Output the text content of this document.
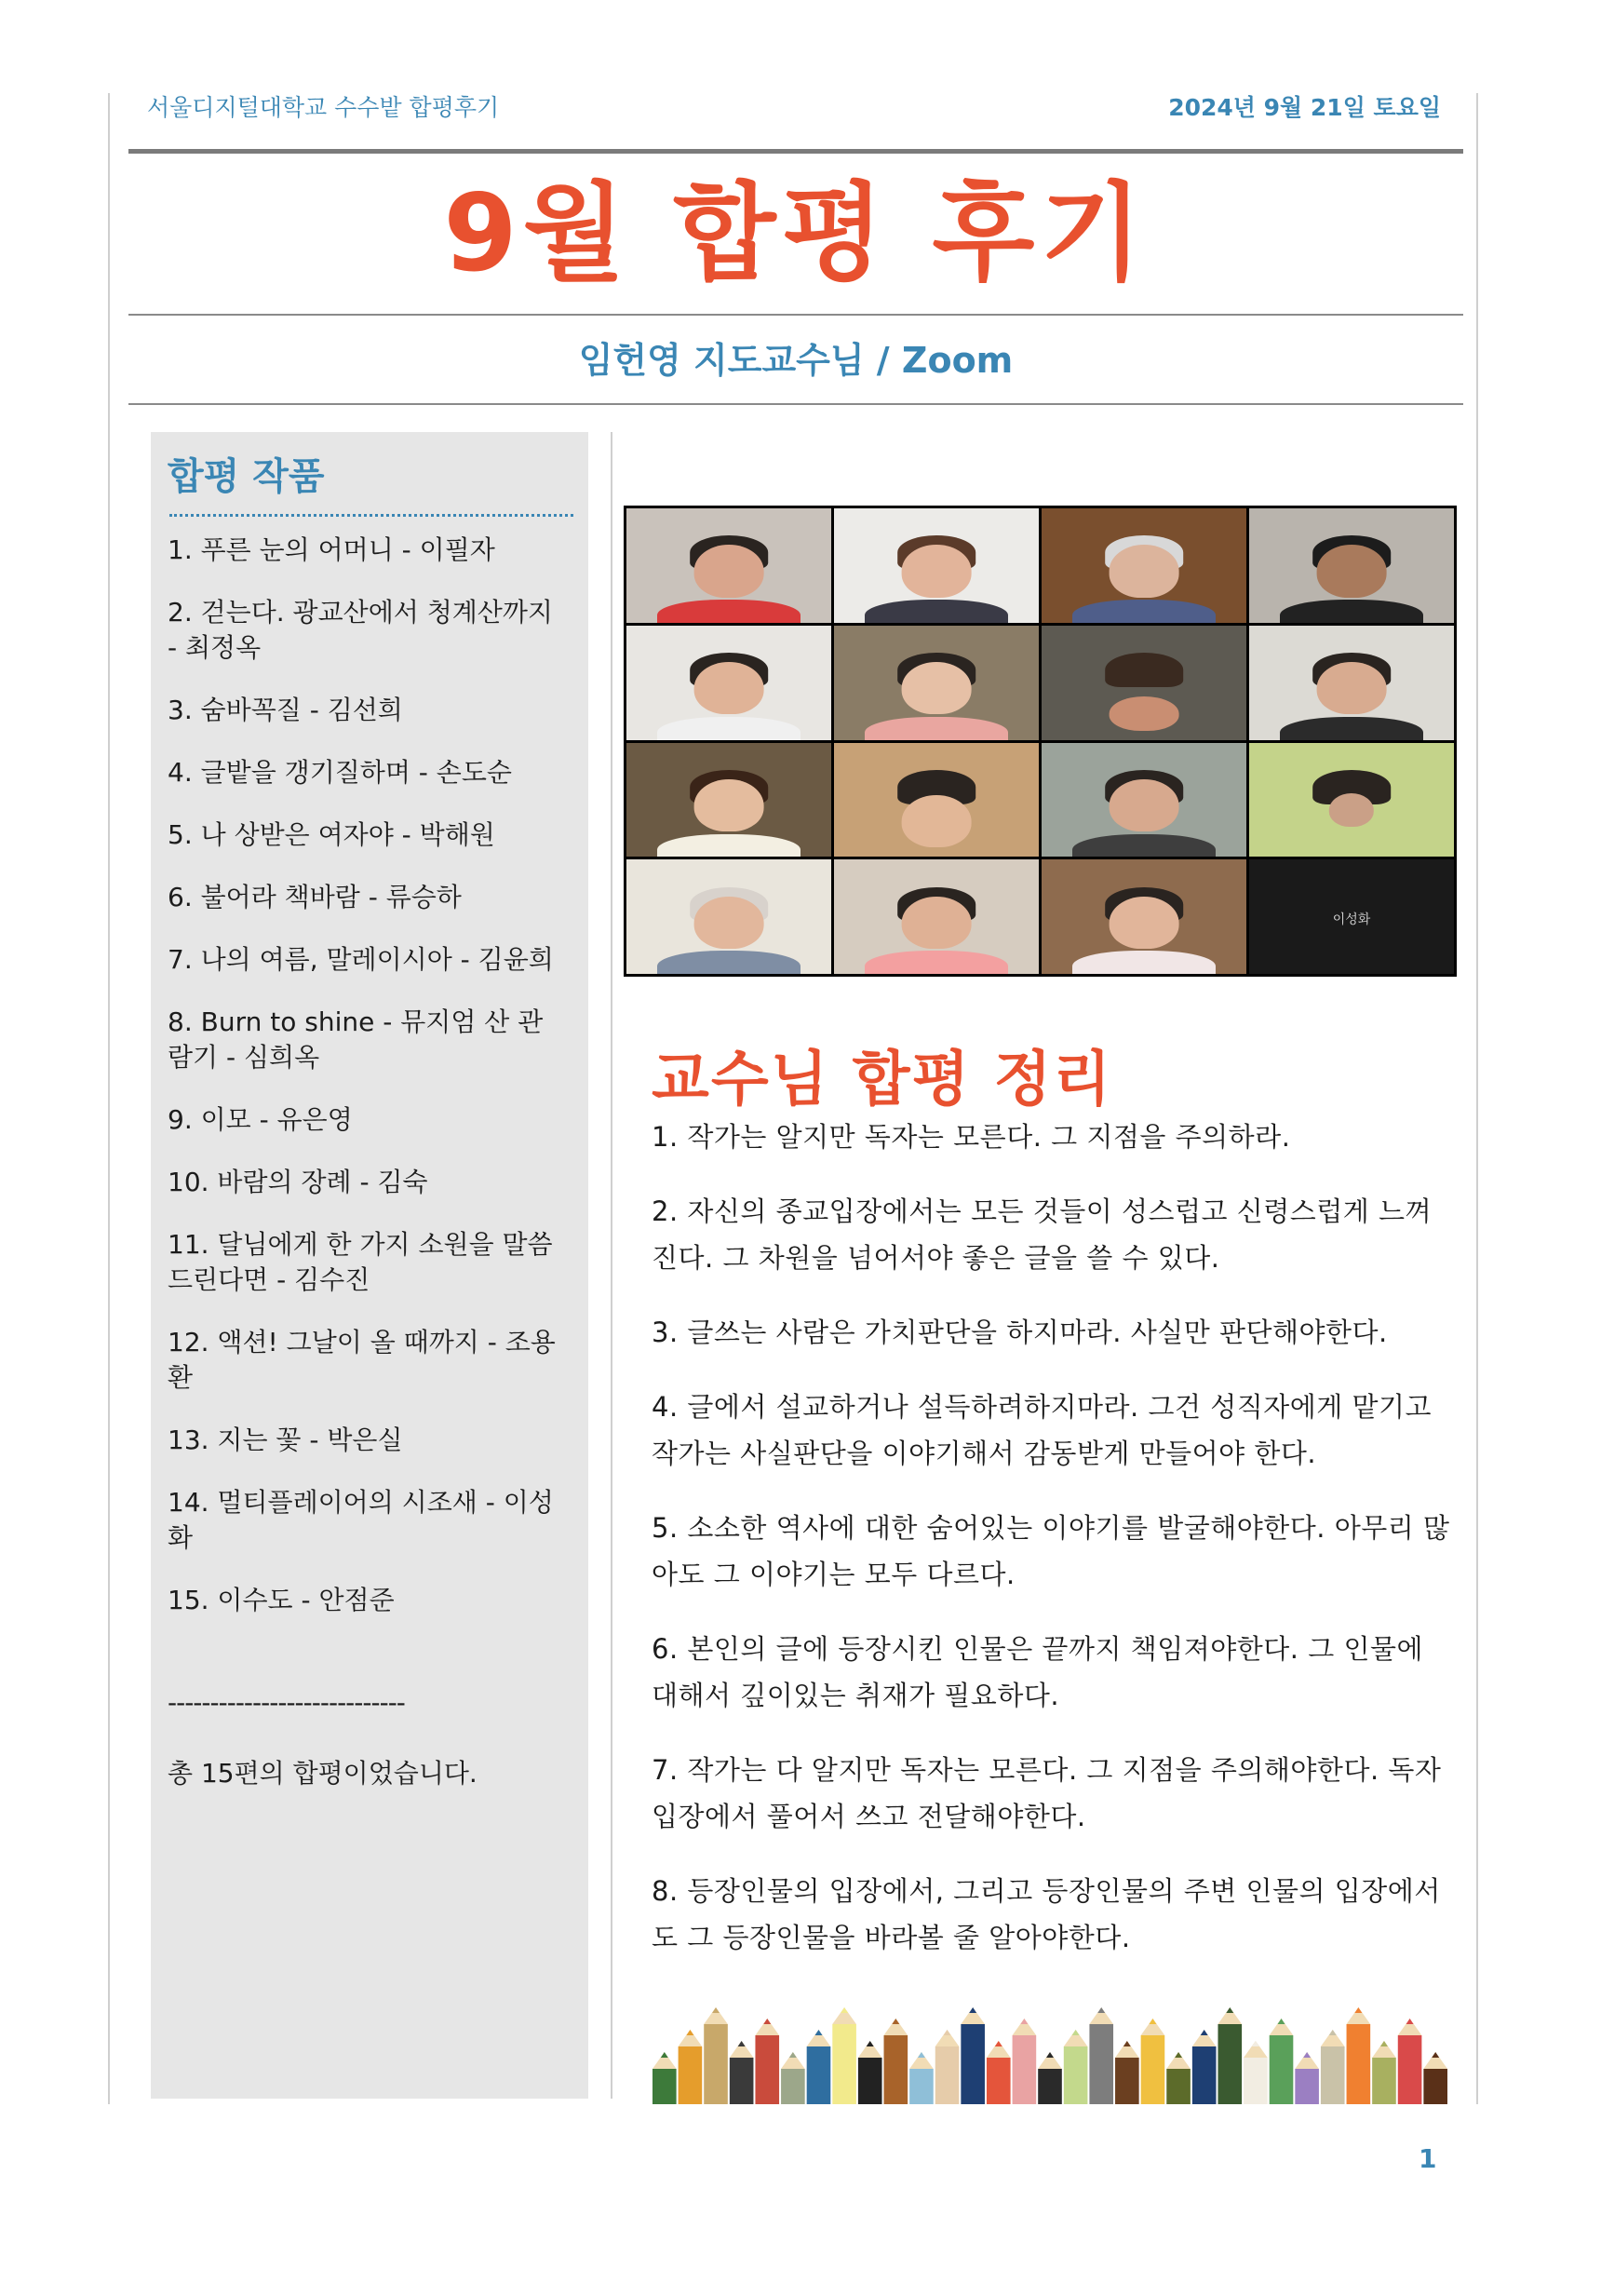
서울디지털대학교 수수밭 합평후기	2024년 9월 21일 토요일
9월 합평 후기
임헌영 지도교수님 / Zoom
합평 작품
1. 푸른 눈의 어머니 - 이필자
2. 걷는다. 광교산에서 청계산까지 - 최정옥
3. 숨바꼭질 - 김선희
4. 글밭을 갱기질하며 - 손도순
5. 나 상받은 여자야 - 박해원
6. 불어라 책바람 - 류승하
7. 나의 여름, 말레이시아 - 김윤희
8. Burn to shine - 뮤지엄 산 관람기 - 심희옥
9. 이모 - 유은영
10. 바람의 장례 - 김숙
11. 달님에게 한 가지 소원을 말씀드린다면 - 김수진
12. 액션! 그날이 올 때까지 - 조용환
13. 지는 꽃 - 박은실
14. 멀티플레이어의 시조새 - 이성화
15. 이수도 - 안점준
----------------------------
총 15편의 합평이었습니다.
이성화
교수님 합평 정리
1. 작가는 알지만 독자는 모른다. 그 지점을 주의하라.
2. 자신의 종교입장에서는 모든 것들이 성스럽고 신령스럽게 느껴진다. 그 차원을 넘어서야 좋은 글을 쓸 수 있다.
3. 글쓰는 사람은 가치판단을 하지마라. 사실만 판단해야한다.
4. 글에서 설교하거나 설득하려하지마라. 그건 성직자에게 맡기고 작가는 사실판단을 이야기해서 감동받게 만들어야 한다.
5. 소소한 역사에 대한 숨어있는 이야기를 발굴해야한다. 아무리 많아도 그 이야기는 모두 다르다.
6. 본인의 글에 등장시킨 인물은 끝까지 책임져야한다. 그 인물에 대해서 깊이있는 취재가 필요하다.
7. 작가는 다 알지만 독자는 모른다. 그 지점을 주의해야한다. 독자 입장에서 풀어서 쓰고 전달해야한다.
8. 등장인물의 입장에서, 그리고 등장인물의 주변 인물의 입장에서도 그 등장인물을 바라볼 줄 알아야한다.
1
